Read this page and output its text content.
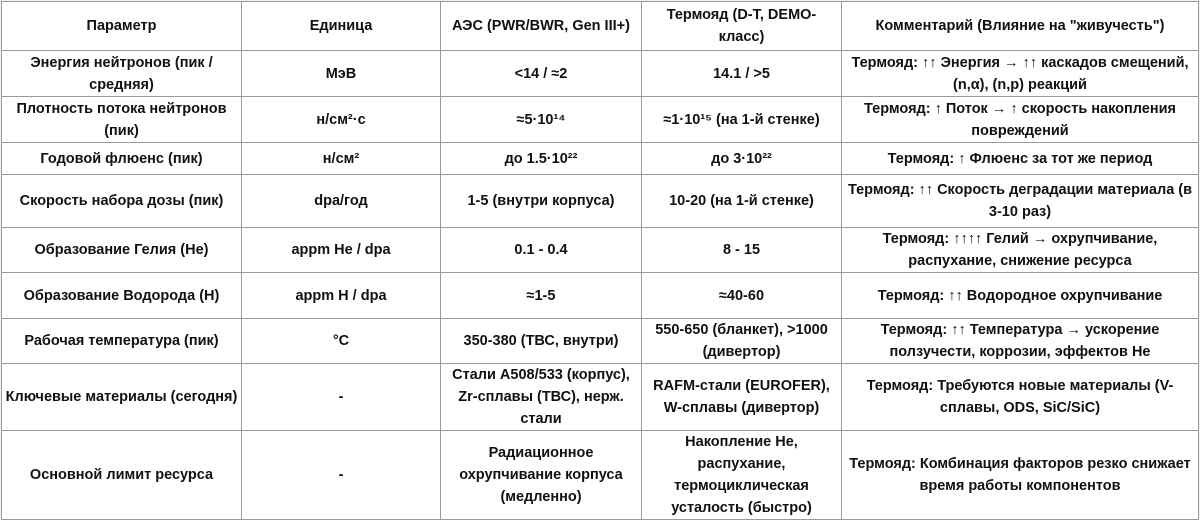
Параметр	Единица	АЭС (PWR/BWR, Gen III+)	Термояд (D-T, DEMO-класс)	Комментарий (Влияние на "живучесть")
Энергия нейтронов (пик / средняя)	МэВ	<14 / ≈2	14.1 / >5	Термояд: ↑↑ Энергия → ↑↑ каскадов смещений, (n,α), (n,p) реакций
Плотность потока нейтронов (пик)	н/см²·с	≈5·10¹⁴	≈1·10¹⁵ (на 1-й стенке)	Термояд: ↑ Поток → ↑ скорость накопления повреждений
Годовой флюенс (пик)	н/см²	до 1.5·10²²	до 3·10²²	Термояд: ↑ Флюенс за тот же период
Скорость набора дозы (пик)	dpa/год	1-5 (внутри корпуса)	10-20 (на 1-й стенке)	Термояд: ↑↑ Скорость деградации материала (в 3-10 раз)
Образование Гелия (He)	appm He / dpa	0.1 - 0.4	8 - 15	Термояд: ↑↑↑↑ Гелий → охрупчивание, распухание, снижение ресурса
Образование Водорода (H)	appm H / dpa	≈1-5	≈40-60	Термояд: ↑↑ Водородное охрупчивание
Рабочая температура (пик)	°C	350-380 (ТВС, внутри)	550-650 (бланкет), >1000 (дивертор)	Термояд: ↑↑ Температура → ускорение ползучести, коррозии, эффектов He
Ключевые материалы (сегодня)	-	Стали A508/533 (корпус), Zr-сплавы (ТВС), нерж. стали	RAFM-стали (EUROFER), W-сплавы (дивертор)	Термояд: Требуются новые материалы (V-сплавы, ODS, SiC/SiC)
Основной лимит ресурса	-	Радиационное охрупчивание корпуса (медленно)	Накопление He, распухание, термоциклическая усталость (быстро)	Термояд: Комбинация факторов резко снижает время работы компонентов
